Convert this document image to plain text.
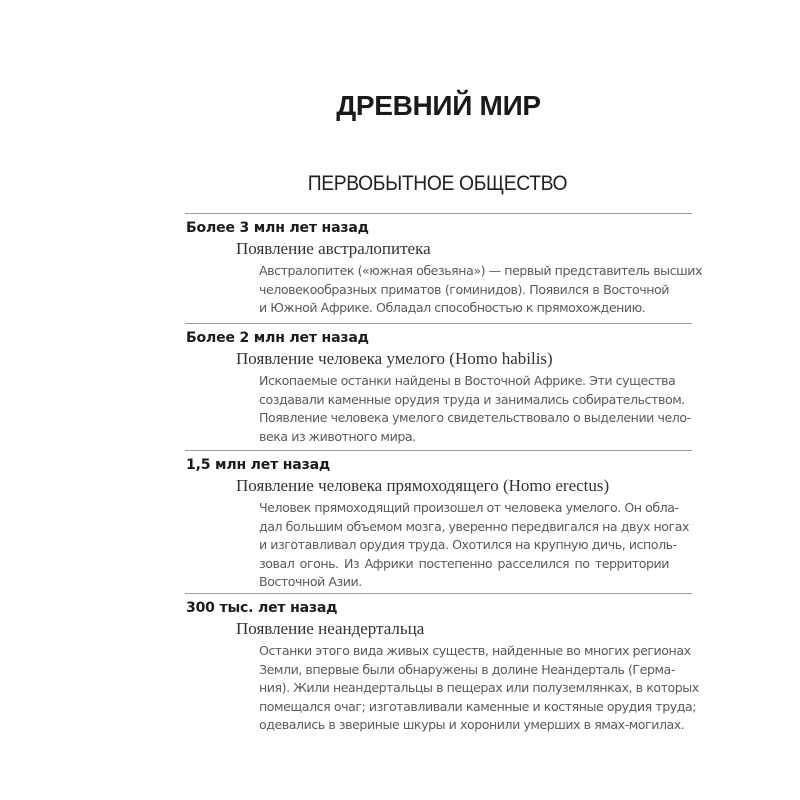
ДРЕВНИЙ МИР
ПЕРВОБЫТНОЕ ОБЩЕСТВО
Более 3 млн лет назад
Появление австралопитека
Австралопитек («южная обезьяна») — первый представитель высших
человекообразных приматов (гоминидов). Появился в Восточной
и Южной Африке. Обладал способностью к прямохождению.
Более 2 млн лет назад
Появление человека умелого (Homo habilis)
Ископаемые останки найдены в Восточной Африке. Эти существа
создавали каменные орудия труда и занимались собирательством.
Появление человека умелого свидетельствовало о выделении чело-
века из животного мира.
1,5 млн лет назад
Появление человека прямоходящего (Homo erectus)
Человек прямоходящий произошел от человека умелого. Он обла-
дал большим объемом мозга, уверенно передвигался на двух ногах
и изготавливал орудия труда. Охотился на крупную дичь, исполь-
зовал огонь. Из Африки постепенно расселился по территории
Восточной Азии.
300 тыс. лет назад
Появление неандертальца
Останки этого вида живых существ, найденные во многих регионах
Земли, впервые были обнаружены в долине Неандерталь (Герма-
ния). Жили неандертальцы в пещерах или полуземлянках, в которых
помещался очаг; изготавливали каменные и костяные орудия труда;
одевались в звериные шкуры и хоронили умерших в ямах-могилах.
